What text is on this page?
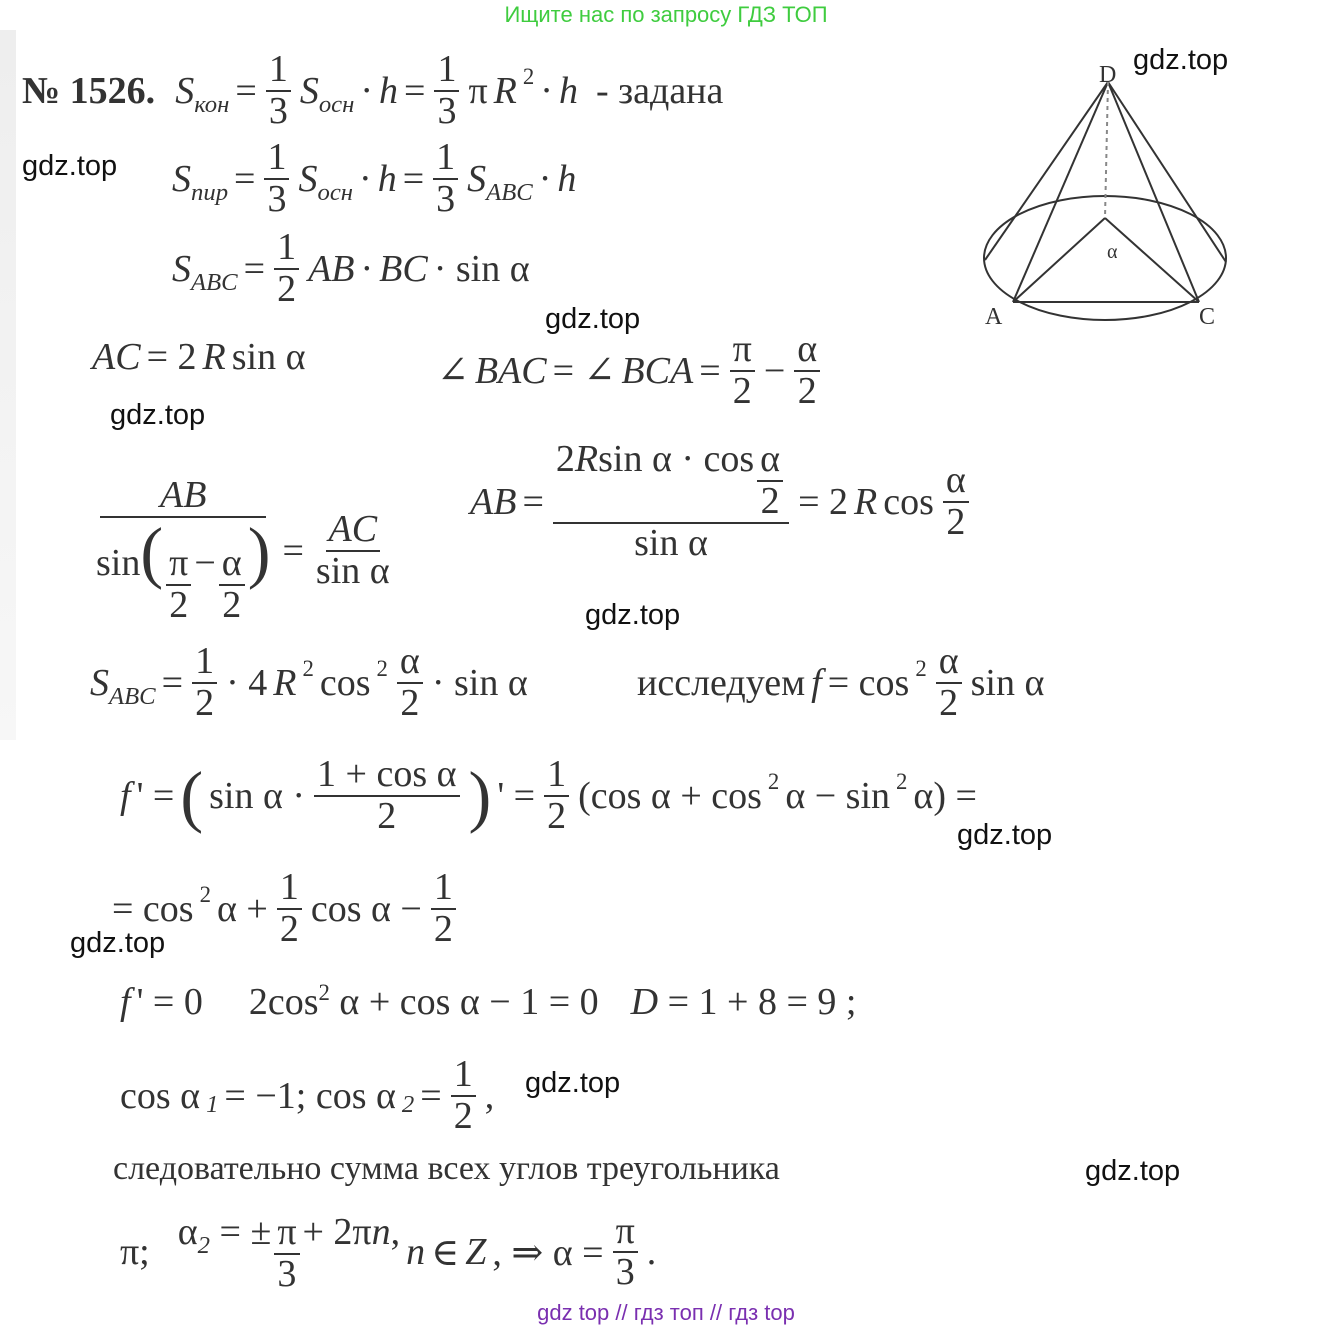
Ищите нас по запросу ГДЗ ТОП
gdz.top
gdz.top
gdz.top
gdz.top
gdz.top
gdz.top
gdz.top
gdz.top
gdz.top
№ 1526. $S_{кон} = \frac{1}{3} S_{осн} \cdot h = \frac{1}{3}$ π R 2 · h - задана
$S_{пир} = \frac{1}{3} S_{осн} \cdot h = \frac{1}{3} S_{ABC} \cdot h$
$S_{ABC} = \frac{1}{2}$ AB · BC · sin α
AC = 2 R sin α	∠ BAC = ∠ BCA = $\frac{\pi}{2} - \frac{\alpha}{2}$
$\frac{AB}{\sin( \frac{\pi}{2} - \frac{\alpha}{2} )} = \frac{AC}{\text{sin α}}$
AB = $\frac{2Rsin \alpha \cdot \cos \frac{\alpha}{2}}{\text{sin α}} = 2$ R $\cos \frac{\alpha}{2}$
$S_{ABC} = \frac{1}{2} \cdot 4$ R 2 $\cos 2 \frac{\alpha}{2} \cdot \sin \alpha$	исследуем $f = \cos 2 \frac{\alpha}{2}$ sin α
f ' = ( $\sin \alpha \cdot \frac{\text{1 + cos α}}{2}$ ) ' = $\frac{1}{2} (\cos$ α + cos 2 α − sin 2 α) =
= cos 2 $\alpha + \frac{1}{2}$ $\cos \alpha - \frac{1}{2}$
f ' = 0 $2\cos^2$ α + cos α − 1 = 0 D = 1 + 8 = 9 ;
cos α 1 = −1; cos α $2 = \frac{1}{2}$ ,
следовательно сумма всех углов треугольника
π; $\alpha_2$ = ± $\frac{\pi}{3} + 2\pi n$, n ∈ Z , ⇒ $\alpha = \frac{\pi}{3}$ .
D
A	C
α
gdz top // гдз топ // гдз top
